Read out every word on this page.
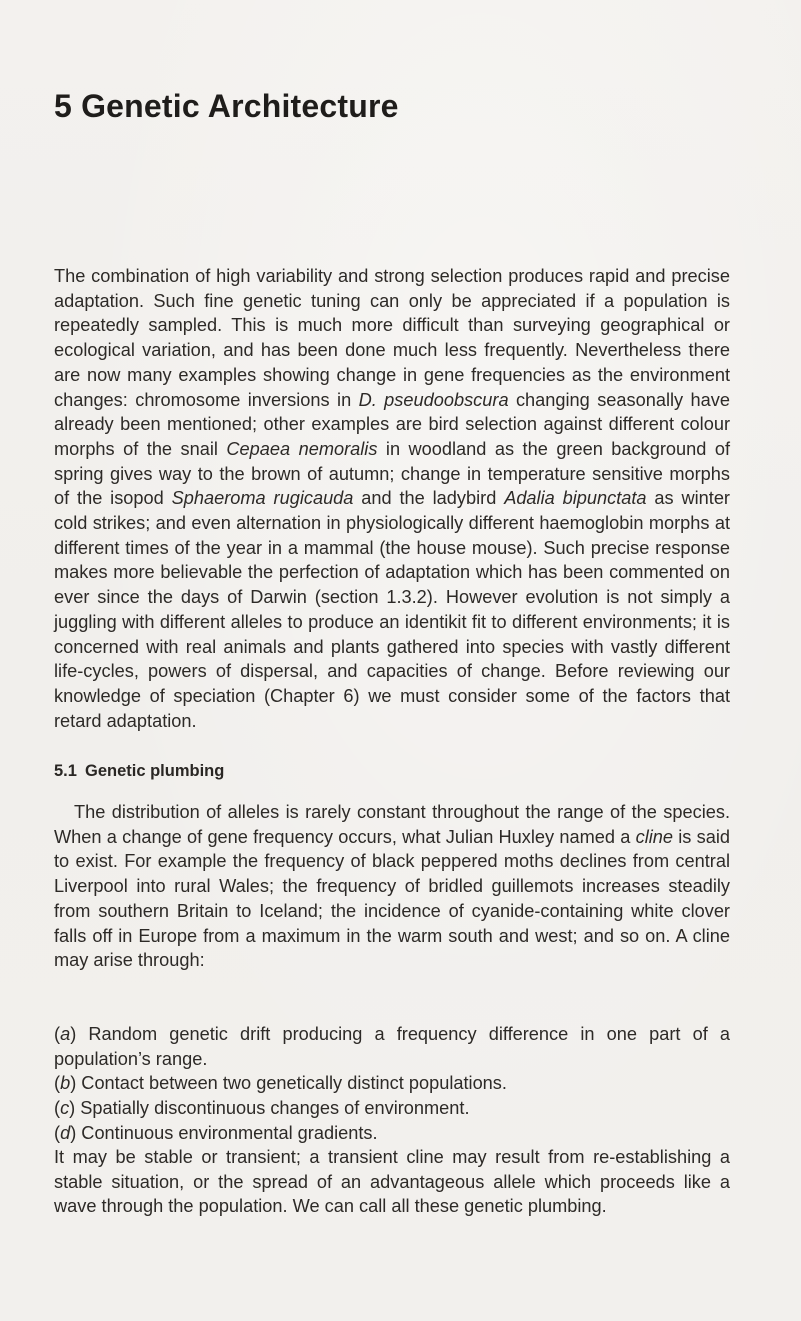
5 Genetic Architecture

The combination of high variability and strong selection produces rapid and precise adaptation. Such fine genetic tuning can only be appreciated if a population is repeatedly sampled. This is much more difficult than surveying geographical or ecological variation, and has been done much less frequently. Nevertheless there are now many examples showing change in gene frequencies as the environment changes: chromosome inversions in D. pseudoobscura changing seasonally have already been mentioned; other examples are bird selection against different colour morphs of the snail Cepaea nemoralis in woodland as the green background of spring gives way to the brown of autumn; change in temperature sensitive morphs of the isopod Sphaeroma rugicauda and the ladybird Adalia bipunctata as winter cold strikes; and even alternation in physiologically different haemoglobin morphs at different times of the year in a mammal (the house mouse). Such precise response makes more believable the perfection of adaptation which has been commented on ever since the days of Darwin (section 1.3.2). However evolution is not simply a juggling with different alleles to produce an identikit fit to different environments; it is concerned with real animals and plants gathered into species with vastly different life-cycles, powers of dispersal, and capacities of change. Before reviewing our knowledge of speciation (Chapter 6) we must consider some of the factors that retard adaptation.

5.1 Genetic plumbing

The distribution of alleles is rarely constant throughout the range of the species. When a change of gene frequency occurs, what Julian Huxley named a cline is said to exist. For example the frequency of black peppered moths declines from central Liverpool into rural Wales; the frequency of bridled guillemots increases steadily from southern Britain to Iceland; the incidence of cyanide-containing white clover falls off in Europe from a maximum in the warm south and west; and so on. A cline may arise through:

(a) Random genetic drift producing a frequency difference in one part of a population’s range.
(b) Contact between two genetically distinct populations.
(c) Spatially discontinuous changes of environment.
(d) Continuous environmental gradients.

It may be stable or transient; a transient cline may result from re-establishing a stable situation, or the spread of an advantageous allele which proceeds like a wave through the population. We can call all these genetic plumbing.
